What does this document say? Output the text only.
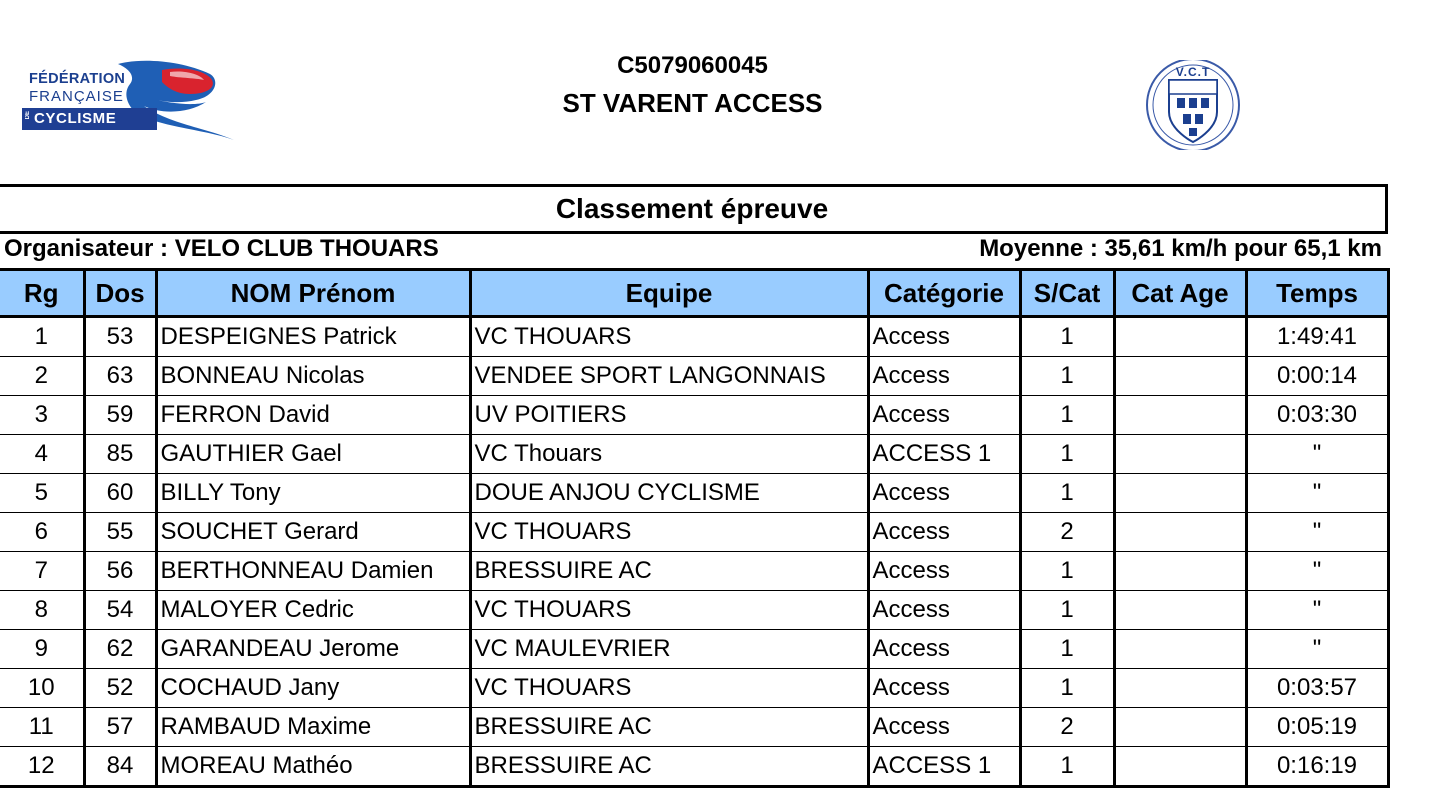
FÉDÉRATION
FRANÇAISE
DE CYCLISME
C5079060045
ST VARENT ACCESS
V.C.T
Classement épreuve
Organisateur : VELO CLUB THOUARS	Moyenne : 35,61 km/h pour 65,1 km
Rg	Dos	NOM Prénom	Equipe	Catégorie	S/Cat	Cat Age	Temps
1	53	DESPEIGNES Patrick	VC THOUARS	Access	1		1:49:41
2	63	BONNEAU Nicolas	VENDEE SPORT LANGONNAIS	Access	1		0:00:14
3	59	FERRON David	UV POITIERS	Access	1		0:03:30
4	85	GAUTHIER Gael	VC Thouars	ACCESS 1	1		"
5	60	BILLY Tony	DOUE ANJOU CYCLISME	Access	1		"
6	55	SOUCHET Gerard	VC THOUARS	Access	2		"
7	56	BERTHONNEAU Damien	BRESSUIRE AC	Access	1		"
8	54	MALOYER Cedric	VC THOUARS	Access	1		"
9	62	GARANDEAU Jerome	VC MAULEVRIER	Access	1		"
10	52	COCHAUD Jany	VC THOUARS	Access	1		0:03:57
11	57	RAMBAUD Maxime	BRESSUIRE AC	Access	2		0:05:19
12	84	MOREAU Mathéo	BRESSUIRE AC	ACCESS 1	1		0:16:19
